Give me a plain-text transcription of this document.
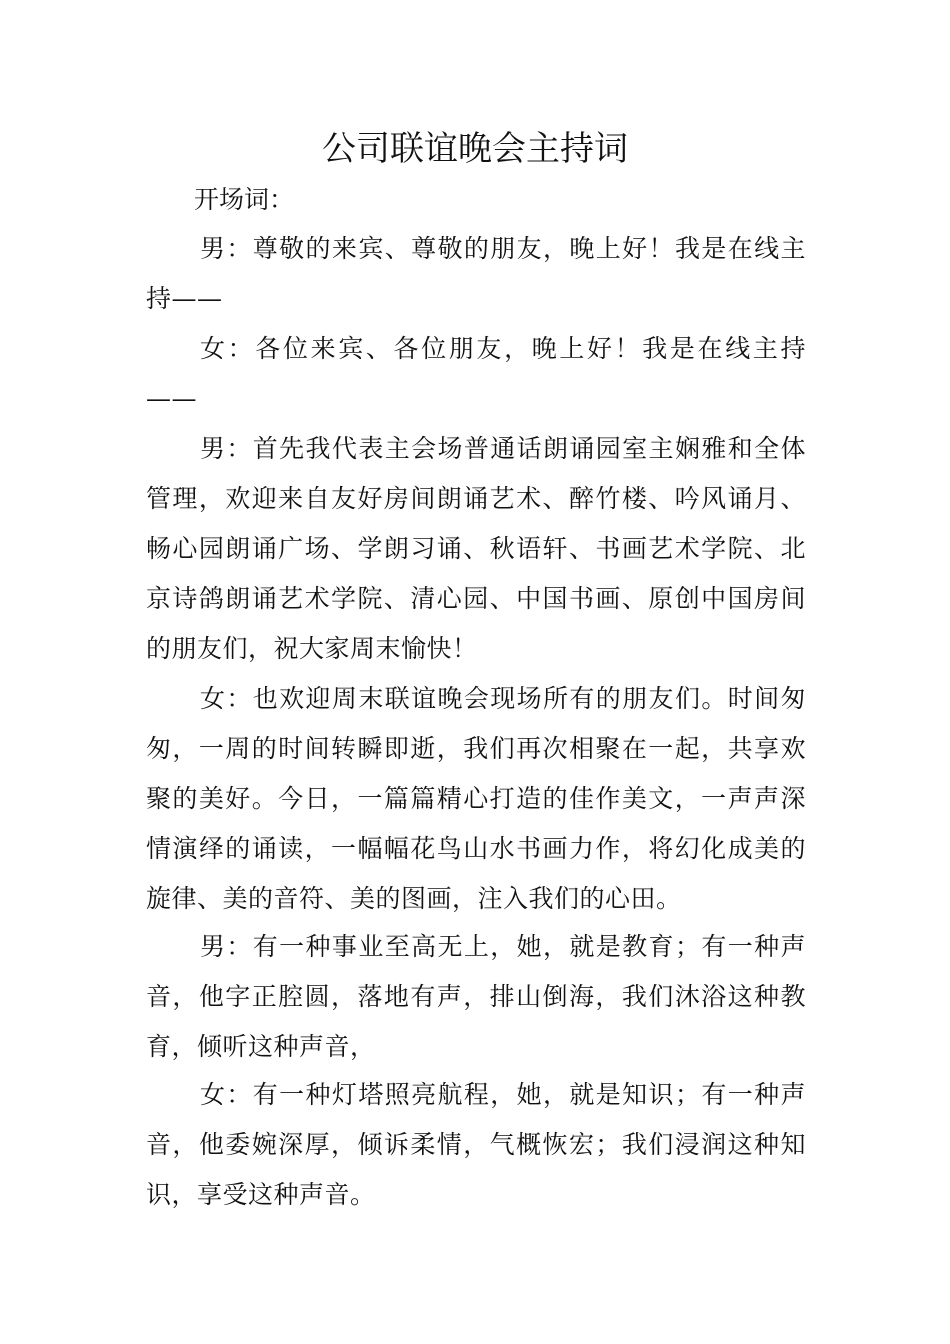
公司联谊晚会主持词

开场词：

男：尊敬的来宾、尊敬的朋友，晚上好！我是在线主持——

女：各位来宾、各位朋友，晚上好！我是在线主持——

男：首先我代表主会场普通话朗诵园室主娴雅和全体管理，欢迎来自友好房间朗诵艺术、醉竹楼、吟风诵月、畅心园朗诵广场、学朗习诵、秋语轩、书画艺术学院、北京诗鸽朗诵艺术学院、清心园、中国书画、原创中国房间的朋友们，祝大家周末愉快！

女：也欢迎周末联谊晚会现场所有的朋友们。时间匆匆，一周的时间转瞬即逝，我们再次相聚在一起，共享欢聚的美好。今日，一篇篇精心打造的佳作美文，一声声深情演绎的诵读，一幅幅花鸟山水书画力作，将幻化成美的旋律、美的音符、美的图画，注入我们的心田。

男：有一种事业至高无上，她，就是教育；有一种声音，他字正腔圆，落地有声，排山倒海，我们沐浴这种教育，倾听这种声音，

女：有一种灯塔照亮航程，她，就是知识；有一种声音，他委婉深厚，倾诉柔情，气概恢宏；我们浸润这种知识，享受这种声音。
